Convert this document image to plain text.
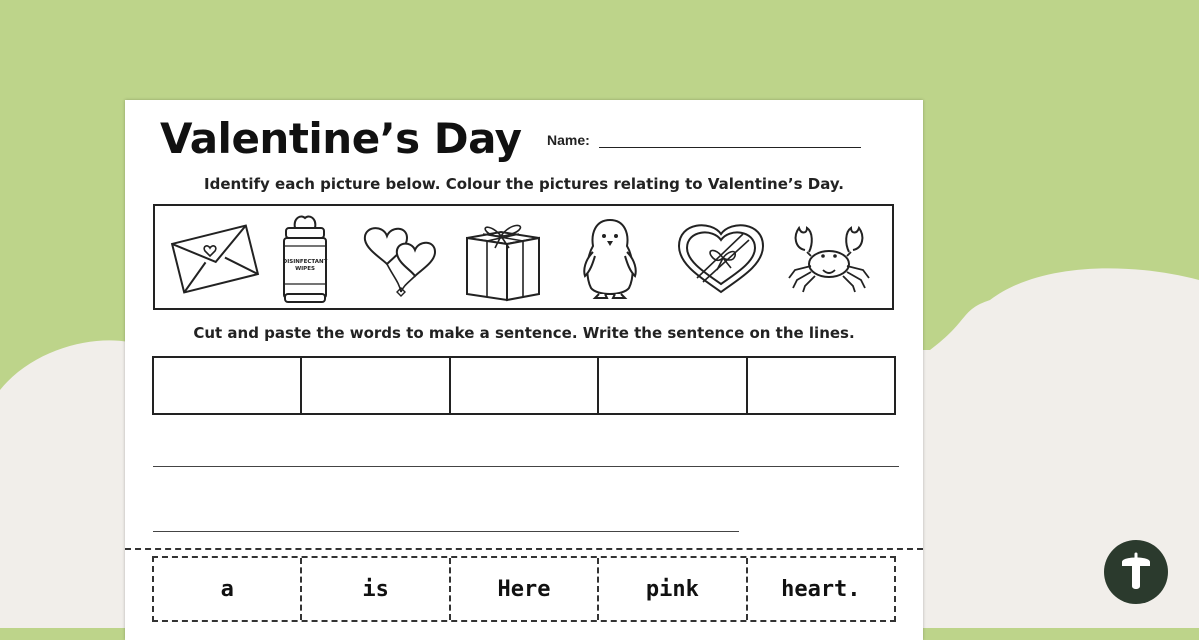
Valentine’s Day Name:
Identify each picture below. Colour the pictures relating to Valentine’s Day.
DISINFECTANT
WIPES
Cut and paste the words to make a sentence. Write the sentence on the lines.
a	is	Here	pink	heart.
